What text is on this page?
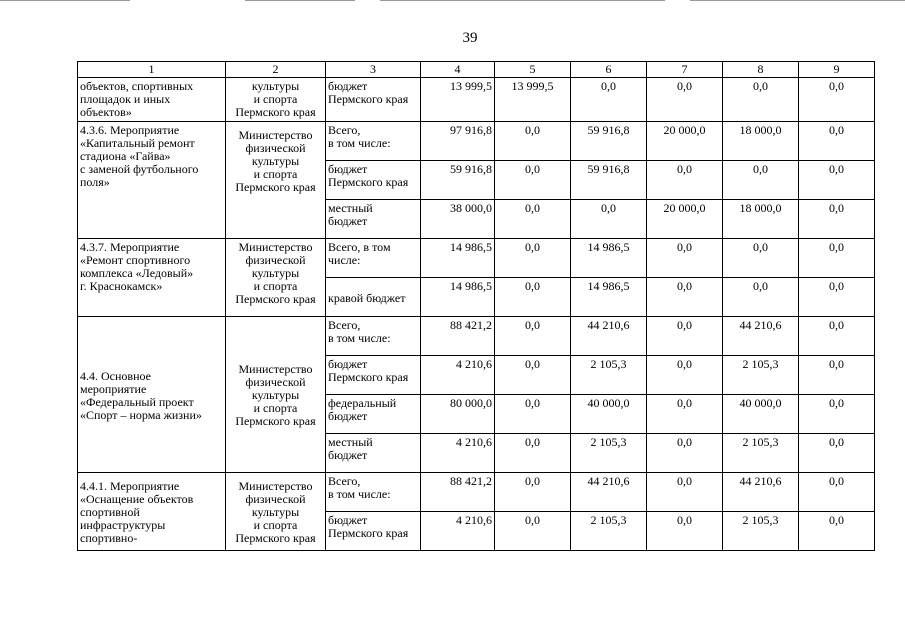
39
1	2	3	4	5	6	7	8	9
объектов, спортивных
площадок и иных
объектов»	культуры
и спорта
Пермского края	бюджет
Пермского края	13 999,5	13 999,5	0,0	0,0	0,0	0,0
4.3.6. Мероприятие
«Капитальный ремонт
стадиона «Гайва»
с заменой футбольного
поля»	Министерство
физической
культуры
и спорта
Пермского края	Всего,
в том числе:	97 916,8	0,0	59 916,8	20 000,0	18 000,0	0,0
		бюджет
Пермского края	59 916,8	0,0	59 916,8	0,0	0,0	0,0
		местный
бюджет	38 000,0	0,0	0,0	20 000,0	18 000,0	0,0
4.3.7. Мероприятие
«Ремонт спортивного
комплекса «Ледовый»
г. Краснокамск»	Министерство
физической
культуры
и спорта
Пермского края	Всего, в том
числе:	14 986,5	0,0	14 986,5	0,0	0,0	0,0
		кравой бюджет	14 986,5	0,0	14 986,5	0,0	0,0	0,0
4.4. Основное
мероприятие
«Федеральный проект
«Спорт – норма жизни»	Министерство
физической
культуры
и спорта
Пермского края	Всего,
в том числе:	88 421,2	0,0	44 210,6	0,0	44 210,6	0,0
		бюджет
Пермского края	4 210,6	0,0	2 105,3	0,0	2 105,3	0,0
		федеральный
бюджет	80 000,0	0,0	40 000,0	0,0	40 000,0	0,0
		местный
бюджет	4 210,6	0,0	2 105,3	0,0	2 105,3	0,0

4.4.1. Мероприятие
«Оснащение объектов
спортивной
инфраструктуры
спортивно-	Министерство
физической
культуры
и спорта
Пермского края	Всего,
в том числе:	88 421,2	0,0	44 210,6	0,0	44 210,6	0,0
		бюджет
Пермского края	4 210,6	0,0	2 105,3	0,0	2 105,3	0,0
